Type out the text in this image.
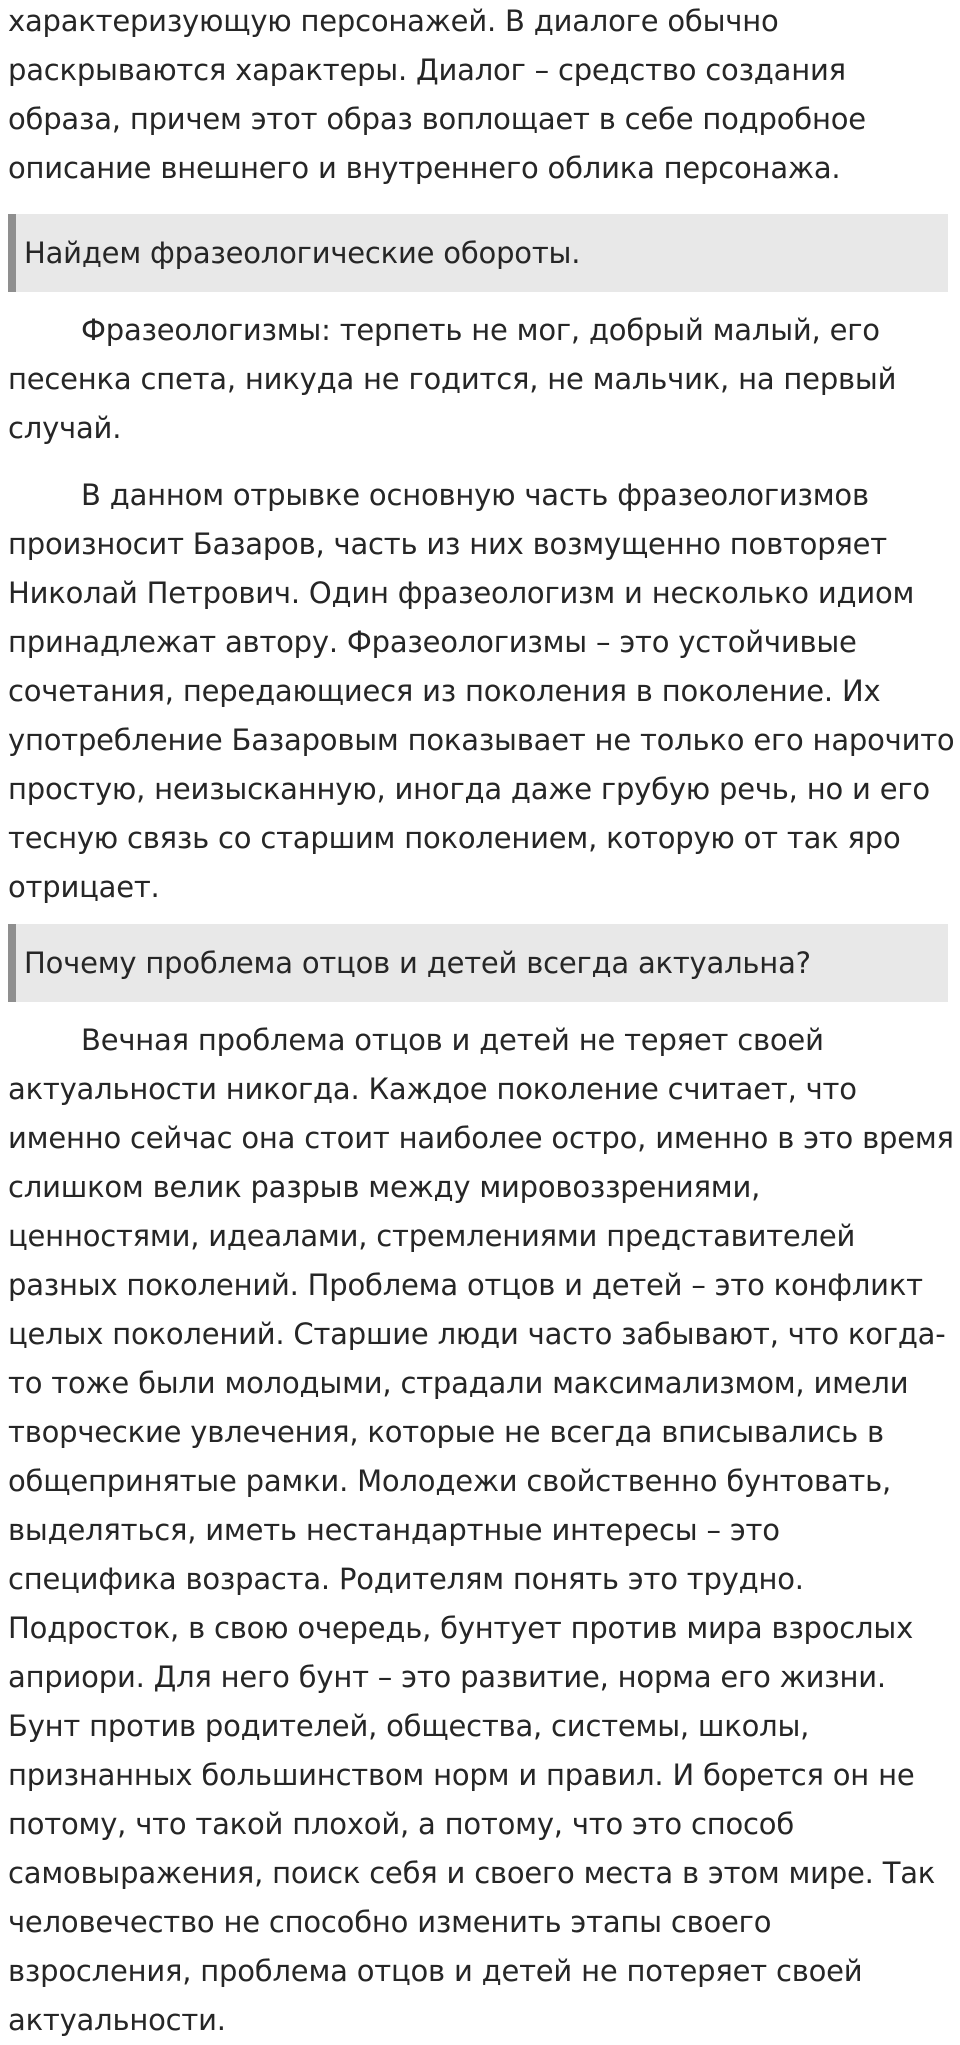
характеризующую персонажей. В диалоге обычно раскрываются характеры. Диалог – средство создания образа, причем этот образ воплощает в себе подробное описание внешнего и внутреннего облика персонажа.

Найдем фразеологические обороты.

Фразеологизмы: терпеть не мог, добрый малый, его песенка спета, никуда не годится, не мальчик, на первый случай.

В данном отрывке основную часть фразеологизмов произносит Базаров, часть из них возмущенно повторяет Николай Петрович. Один фразеологизм и несколько идиом принадлежат автору. Фразеологизмы – это устойчивые сочетания, передающиеся из поколения в поколение. Их употребление Базаровым показывает не только его нарочито простую, неизысканную, иногда даже грубую речь, но и его тесную связь со старшим поколением, которую от так яро отрицает.

Почему проблема отцов и детей всегда актуальна?

Вечная проблема отцов и детей не теряет своей актуальности никогда. Каждое поколение считает, что именно сейчас она стоит наиболее остро, именно в это время слишком велик разрыв между мировоззрениями, ценностями, идеалами, стремлениями представителей разных поколений. Проблема отцов и детей – это конфликт целых поколений. Старшие люди часто забывают, что когда-то тоже были молодыми, страдали максимализмом, имели творческие увлечения, которые не всегда вписывались в общепринятые рамки. Молодежи свойственно бунтовать, выделяться, иметь нестандартные интересы – это специфика возраста. Родителям понять это трудно. Подросток, в свою очередь, бунтует против мира взрослых априори. Для него бунт – это развитие, норма его жизни. Бунт против родителей, общества, системы, школы, признанных большинством норм и правил. И борется он не потому, что такой плохой, а потому, что это способ самовыражения, поиск себя и своего места в этом мире. Так человечество не способно изменить этапы своего взросления, проблема отцов и детей не потеряет своей актуальности.
